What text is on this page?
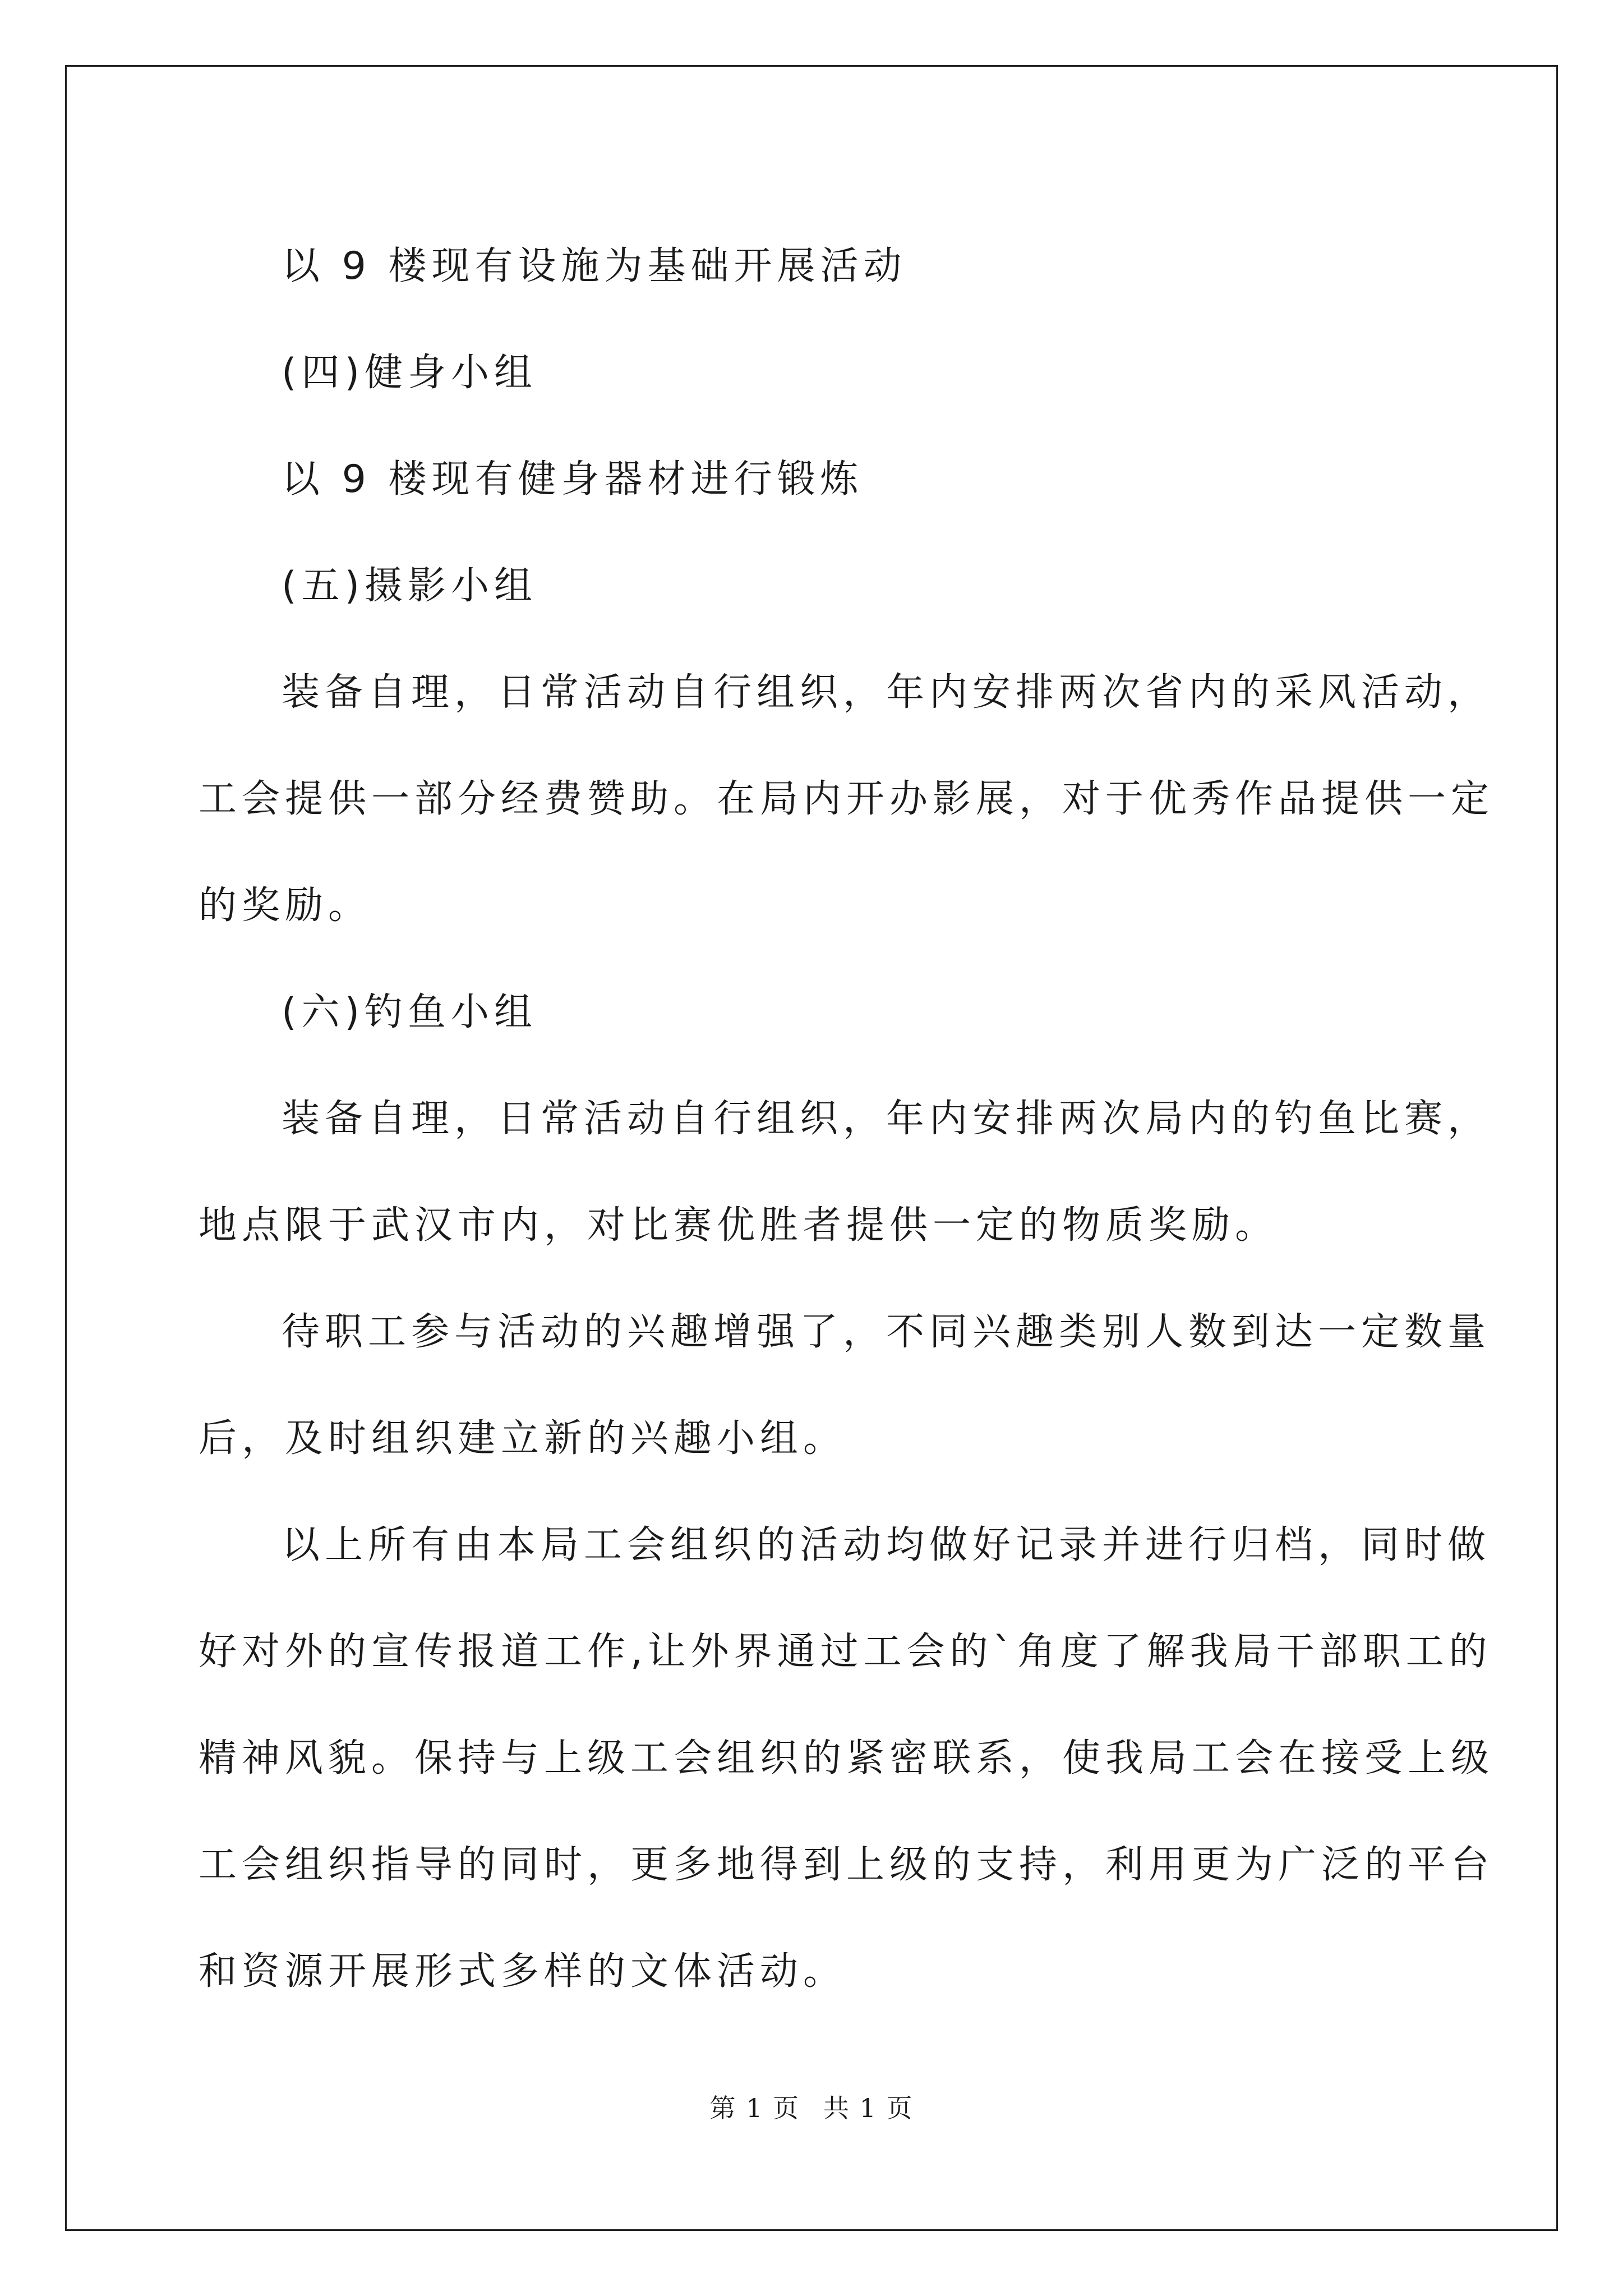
以 9 楼现有设施为基础开展活动

(四)健身小组

以 9 楼现有健身器材进行锻炼

(五)摄影小组

装备自理，日常活动自行组织，年内安排两次省内的采风活动，

工会提供一部分经费赞助。在局内开办影展，对于优秀作品提供一定

的奖励。

(六)钓鱼小组

装备自理，日常活动自行组织，年内安排两次局内的钓鱼比赛，

地点限于武汉市内，对比赛优胜者提供一定的物质奖励。

待职工参与活动的兴趣增强了，不同兴趣类别人数到达一定数量

后，及时组织建立新的兴趣小组。

以上所有由本局工会组织的活动均做好记录并进行归档，同时做

好对外的宣传报道工作,让外界通过工会的`角度了解我局干部职工的

精神风貌。保持与上级工会组织的紧密联系，使我局工会在接受上级

工会组织指导的同时，更多地得到上级的支持，利用更为广泛的平台

和资源开展形式多样的文体活动。

第 1 页 共 1 页
